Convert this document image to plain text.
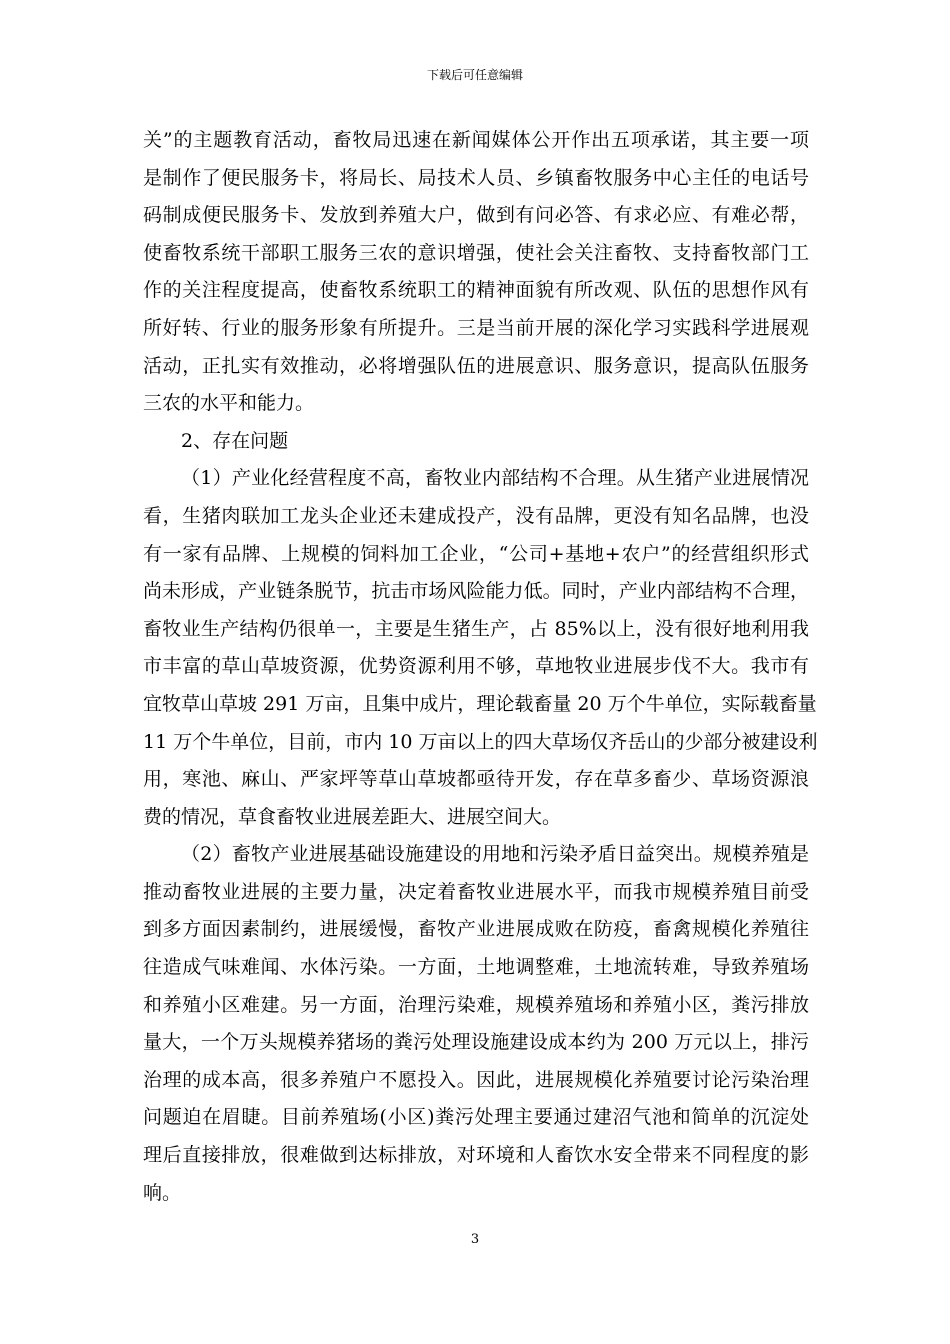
下载后可任意编辑
关”的主题教育活动，畜牧局迅速在新闻媒体公开作出五项承诺，其主要一项
是制作了便民服务卡，将局长、局技术人员、乡镇畜牧服务中心主任的电话号
码制成便民服务卡、发放到养殖大户，做到有问必答、有求必应、有难必帮，
使畜牧系统干部职工服务三农的意识增强，使社会关注畜牧、支持畜牧部门工
作的关注程度提高，使畜牧系统职工的精神面貌有所改观、队伍的思想作风有
所好转、行业的服务形象有所提升。三是当前开展的深化学习实践科学进展观
活动，正扎实有效推动，必将增强队伍的进展意识、服务意识，提高队伍服务
三农的水平和能力。
2、存在问题
（1）产业化经营程度不高，畜牧业内部结构不合理。从生猪产业进展情况
看，生猪肉联加工龙头企业还未建成投产，没有品牌，更没有知名品牌，也没
有一家有品牌、上规模的饲料加工企业，“公司+基地+农户”的经营组织形式
尚未形成，产业链条脱节，抗击市场风险能力低。同时，产业内部结构不合理，
畜牧业生产结构仍很单一，主要是生猪生产，占 85%以上，没有很好地利用我
市丰富的草山草坡资源，优势资源利用不够，草地牧业进展步伐不大。我市有
宜牧草山草坡 291 万亩，且集中成片，理论载畜量 20 万个牛单位，实际载畜量
11 万个牛单位，目前，市内 10 万亩以上的四大草场仅齐岳山的少部分被建设利
用，寒池、麻山、严家坪等草山草坡都亟待开发，存在草多畜少、草场资源浪
费的情况，草食畜牧业进展差距大、进展空间大。
（2）畜牧产业进展基础设施建设的用地和污染矛盾日益突出。规模养殖是
推动畜牧业进展的主要力量，决定着畜牧业进展水平，而我市规模养殖目前受
到多方面因素制约，进展缓慢，畜牧产业进展成败在防疫，畜禽规模化养殖往
往造成气味难闻、水体污染。一方面，土地调整难，土地流转难，导致养殖场
和养殖小区难建。另一方面，治理污染难，规模养殖场和养殖小区，粪污排放
量大，一个万头规模养猪场的粪污处理设施建设成本约为 200 万元以上，排污
治理的成本高，很多养殖户不愿投入。因此，进展规模化养殖要讨论污染治理
问题迫在眉睫。目前养殖场(小区)粪污处理主要通过建沼气池和简单的沉淀处
理后直接排放，很难做到达标排放，对环境和人畜饮水安全带来不同程度的影
响。
3
